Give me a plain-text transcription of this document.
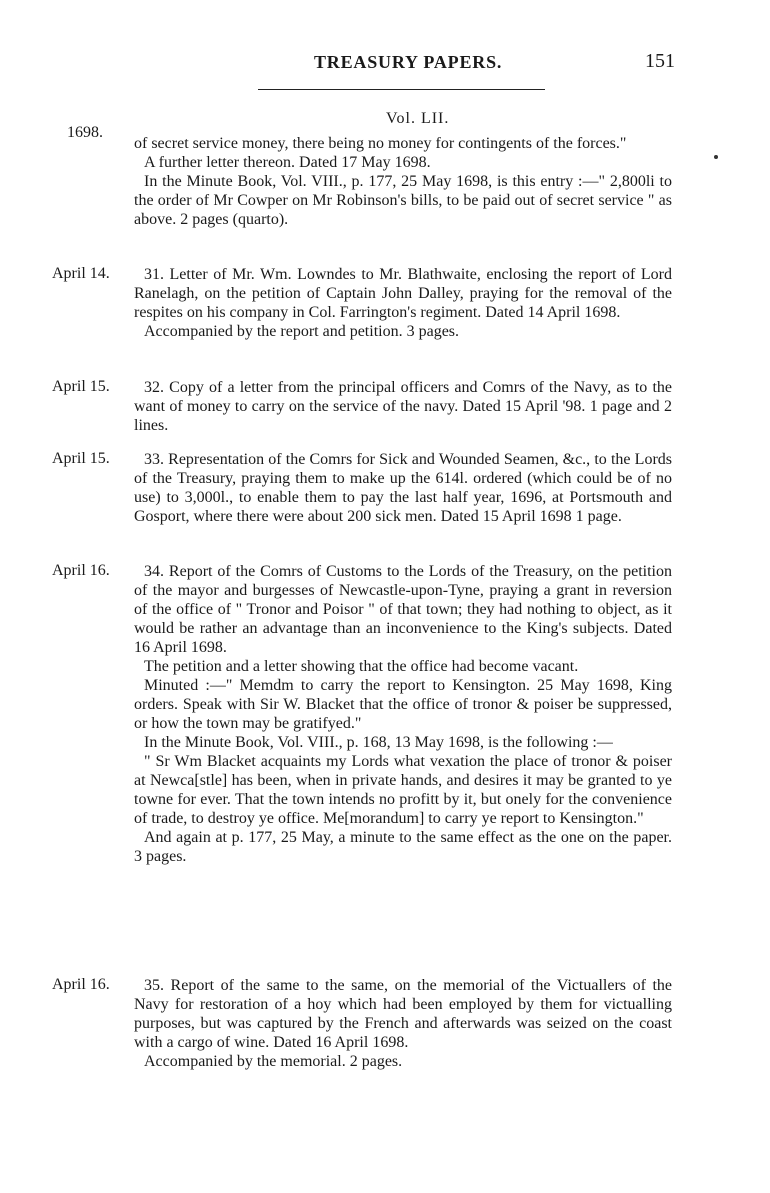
TREASURY PAPERS.	151
Vol. LII.
1698.

of secret service money, there being no money for contingents of the forces."

A further letter thereon. Dated 17 May 1698.

In the Minute Book, Vol. VIII., p. 177, 25 May 1698, is this entry :—" 2,800li to the order of Mr Cowper on Mr Robinson's bills, to be paid out of secret service " as above. 2 pages (quarto).

April 14.	31. Letter of Mr. Wm. Lowndes to Mr. Blathwaite, enclosing the report of Lord Ranelagh, on the petition of Captain John Dalley, praying for the removal of the respites on his company in Col. Farrington's regiment. Dated 14 April 1698.

Accompanied by the report and petition. 3 pages.

April 15.	32. Copy of a letter from the principal officers and Comrs of the Navy, as to the want of money to carry on the service of the navy. Dated 15 April '98. 1 page and 2 lines.

April 15.	33. Representation of the Comrs for Sick and Wounded Seamen, &c., to the Lords of the Treasury, praying them to make up the 614l. ordered (which could be of no use) to 3,000l., to enable them to pay the last half year, 1696, at Portsmouth and Gosport, where there were about 200 sick men. Dated 15 April 1698 1 page.

April 16.	34. Report of the Comrs of Customs to the Lords of the Treasury, on the petition of the mayor and burgesses of Newcastle-upon-Tyne, praying a grant in reversion of the office of " Tronor and Poisor " of that town; they had nothing to object, as it would be rather an advantage than an inconvenience to the King's subjects. Dated 16 April 1698.

The petition and a letter showing that the office had become vacant.

Minuted :—" Memdm to carry the report to Kensington. 25 May 1698, King orders. Speak with Sir W. Blacket that the office of tronor & poiser be suppressed, or how the town may be gratifyed."

In the Minute Book, Vol. VIII., p. 168, 13 May 1698, is the following :—

" Sr Wm Blacket acquaints my Lords what vexation the place of tronor & poiser at Newca[stle] has been, when in private hands, and desires it may be granted to ye towne for ever. That the town intends no profitt by it, but onely for the convenience of trade, to destroy ye office. Me[morandum] to carry ye report to Kensington."

And again at p. 177, 25 May, a minute to the same effect as the one on the paper. 3 pages.

April 16.	35. Report of the same to the same, on the memorial of the Victuallers of the Navy for restoration of a hoy which had been employed by them for victualling purposes, but was captured by the French and afterwards was seized on the coast with a cargo of wine. Dated 16 April 1698.

Accompanied by the memorial. 2 pages.
